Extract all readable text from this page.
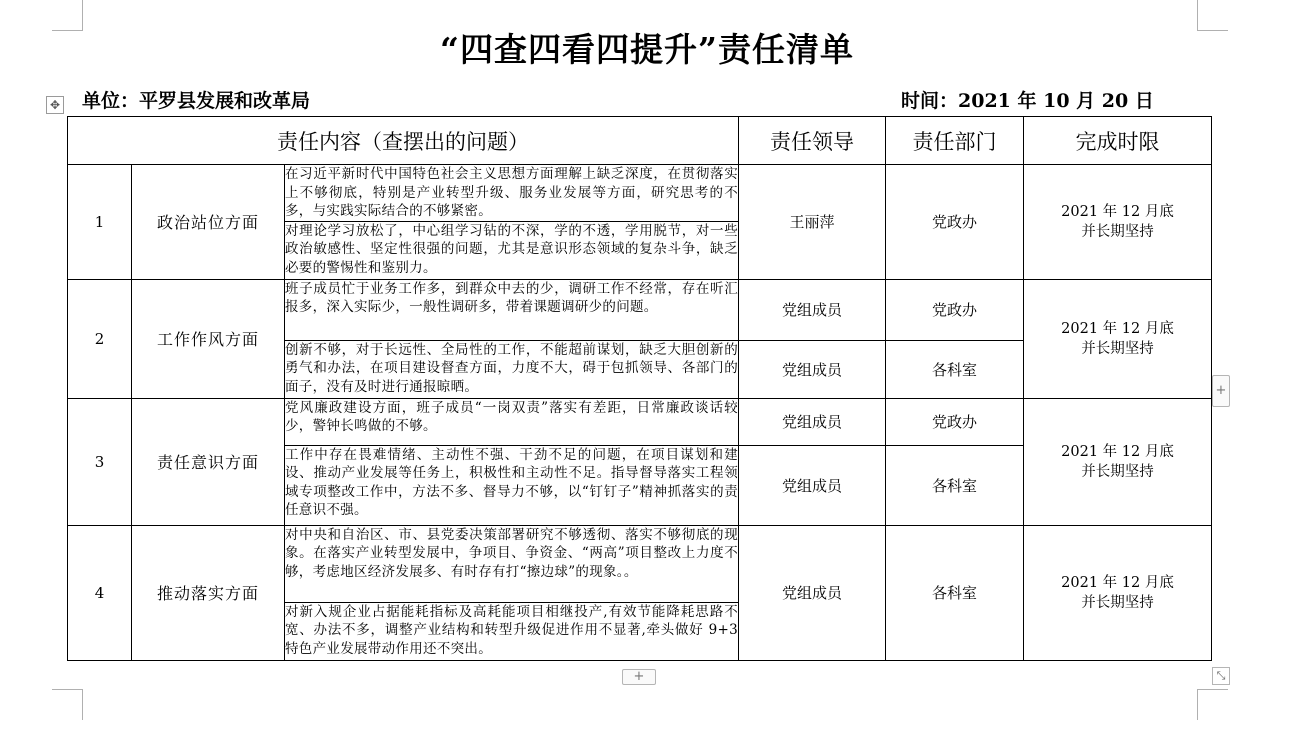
“四查四看四提升”责任清单
单位：平罗县发展和改革局	时间：2021 年 10 月 20 日
✥
责任内容（查摆出的问题）			责任领导	责任部门	完成时限
1	政治站位方面	在习近平新时代中国特色社会主义思想方面理解上缺乏深度，在贯彻落实上不够彻底，特别是产业转型升级、服务业发展等方面，研究思考的不多，与实践实际结合的不够紧密。	王丽萍	党政办	2021 年 12 月底
并长期坚持

		对理论学习放松了，中心组学习钻的不深，学的不透，学用脱节，对一些政治敏感性、坚定性很强的问题，尤其是意识形态领域的复杂斗争，缺乏必要的警惕性和鉴别力。			
2	工作作风方面	班子成员忙于业务工作多，到群众中去的少，调研工作不经常，存在听汇报多，深入实际少，一般性调研多，带着课题调研少的问题。	党组成员	党政办	2021 年 12 月底
并长期坚持

		创新不够，对于长远性、全局性的工作，不能超前谋划，缺乏大胆创新的勇气和办法，在项目建设督查方面，力度不大，碍于包抓领导、各部门的面子，没有及时进行通报晾晒。	党组成员	各科室	
3	责任意识方面	党风廉政建设方面，班子成员“一岗双责”落实有差距，日常廉政谈话较少，警钟长鸣做的不够。	党组成员	党政办	2021 年 12 月底
并长期坚持

		工作中存在畏难情绪、主动性不强、干劲不足的问题，在项目谋划和建设、推动产业发展等任务上，积极性和主动性不足。指导督导落实工程领域专项整改工作中，方法不多、督导力不够，以“钉钉子”精神抓落实的责任意识不强。	党组成员	各科室	
4	推动落实方面	对中央和自治区、市、县党委决策部署研究不够透彻、落实不够彻底的现象。在落实产业转型发展中，争项目、争资金、“两高”项目整改上力度不够，考虑地区经济发展多、有时存有打“擦边球”的现象。。	党组成员	各科室	2021 年 12 月底
并长期坚持

		对新入规企业占据能耗指标及高耗能项目相继投产,有效节能降耗思路不宽、办法不多，调整产业结构和转型升级促进作用不显著,牵头做好 9+3 特色产业发展带动作用还不突出。			
+
+	⤡
